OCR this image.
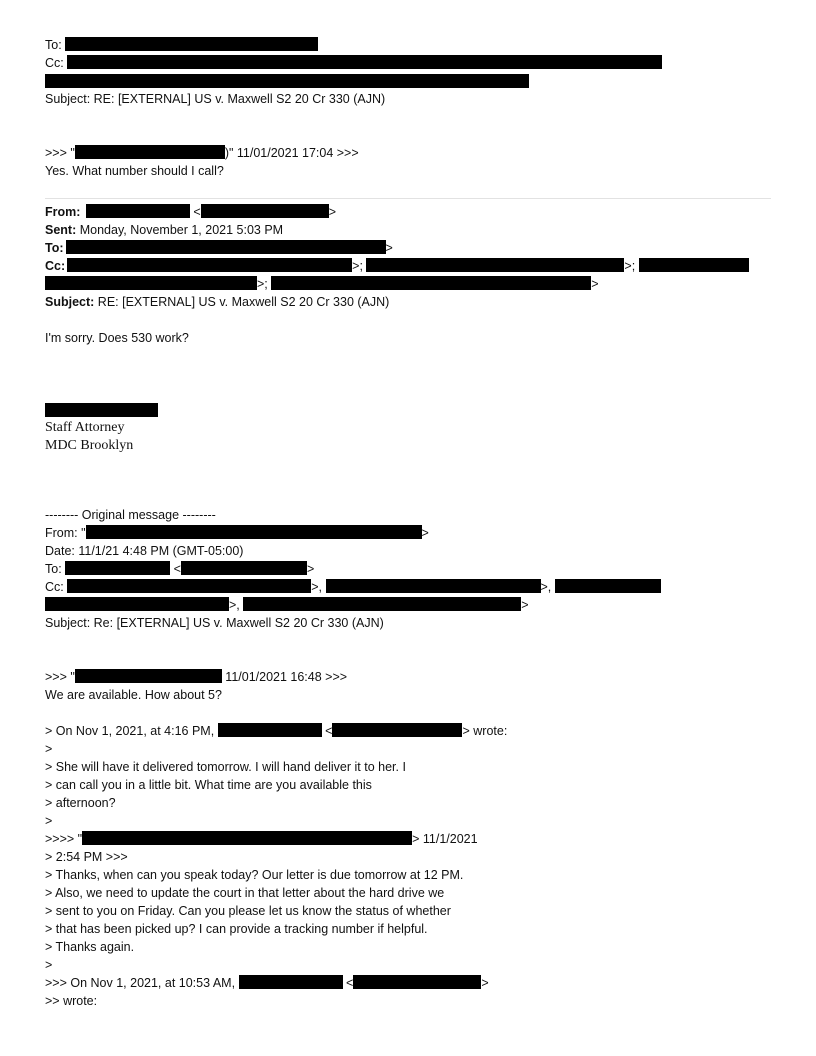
To:
Cc:
Subject: RE: [EXTERNAL] US v. Maxwell S2 20 Cr 330 (AJN)
>>> "	)" 11/01/2021 17:04 >>>
Yes. What number should I call?
From:	<	>
Sent: Monday, November 1, 2021 5:03 PM
To:	>
Cc:	>;	>;
>;	>
Subject: RE: [EXTERNAL] US v. Maxwell S2 20 Cr 330 (AJN)
I'm sorry. Does 530 work?
Staff Attorney
MDC Brooklyn
-------- Original message --------
From: "	>
Date: 11/1/21 4:48 PM (GMT-05:00)
To:	<	>
Cc:	>,	>,
>,	>
Subject: Re: [EXTERNAL] US v. Maxwell S2 20 Cr 330 (AJN)
>>> "	11/01/2021 16:48 >>>
We are available. How about 5?
> On Nov 1, 2021, at 4:16 PM,	<	> wrote:
>
> She will have it delivered tomorrow. I will hand deliver it to her. I
> can call you in a little bit. What time are you available this
> afternoon?
>
>>>> "	> 11/1/2021
> 2:54 PM >>>
> Thanks, when can you speak today? Our letter is due tomorrow at 12 PM.
> Also, we need to update the court in that letter about the hard drive we
> sent to you on Friday. Can you please let us know the status of whether
> that has been picked up? I can provide a tracking number if helpful.
> Thanks again.
>
>>> On Nov 1, 2021, at 10:53 AM,	<	>
>> wrote:
